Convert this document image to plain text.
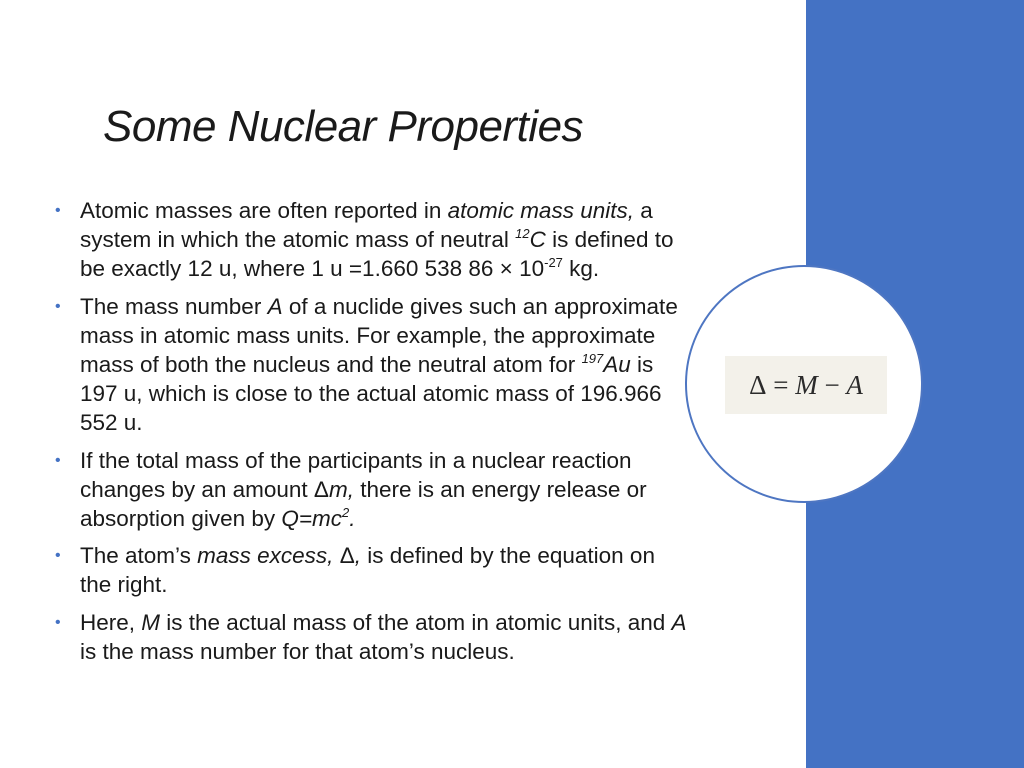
Some Nuclear Properties
• Atomic masses are often reported in atomic mass units, a system in which the atomic mass of neutral $^{12}$C is defined to be exactly 12 u, where 1 u =1.660 538 $86 \times 10^{-27}$ kg.
• The mass number A of a nuclide gives such an approximate mass in atomic mass units. For example, the approximate mass of both the nucleus and the neutral atom for $^{197}$Au is 197 u, which is close to the actual atomic mass of 196.966 552 u.
• If the total mass of the participants in a nuclear reaction changes by an amount Δm, there is an energy release or absorption given by $Q=mc^2$.
• The atom’s mass excess, Δ, is defined by the equation on the right.
• Here, M is the actual mass of the atom in atomic units, and A is the mass number for that atom’s nucleus.
Δ = M − A
